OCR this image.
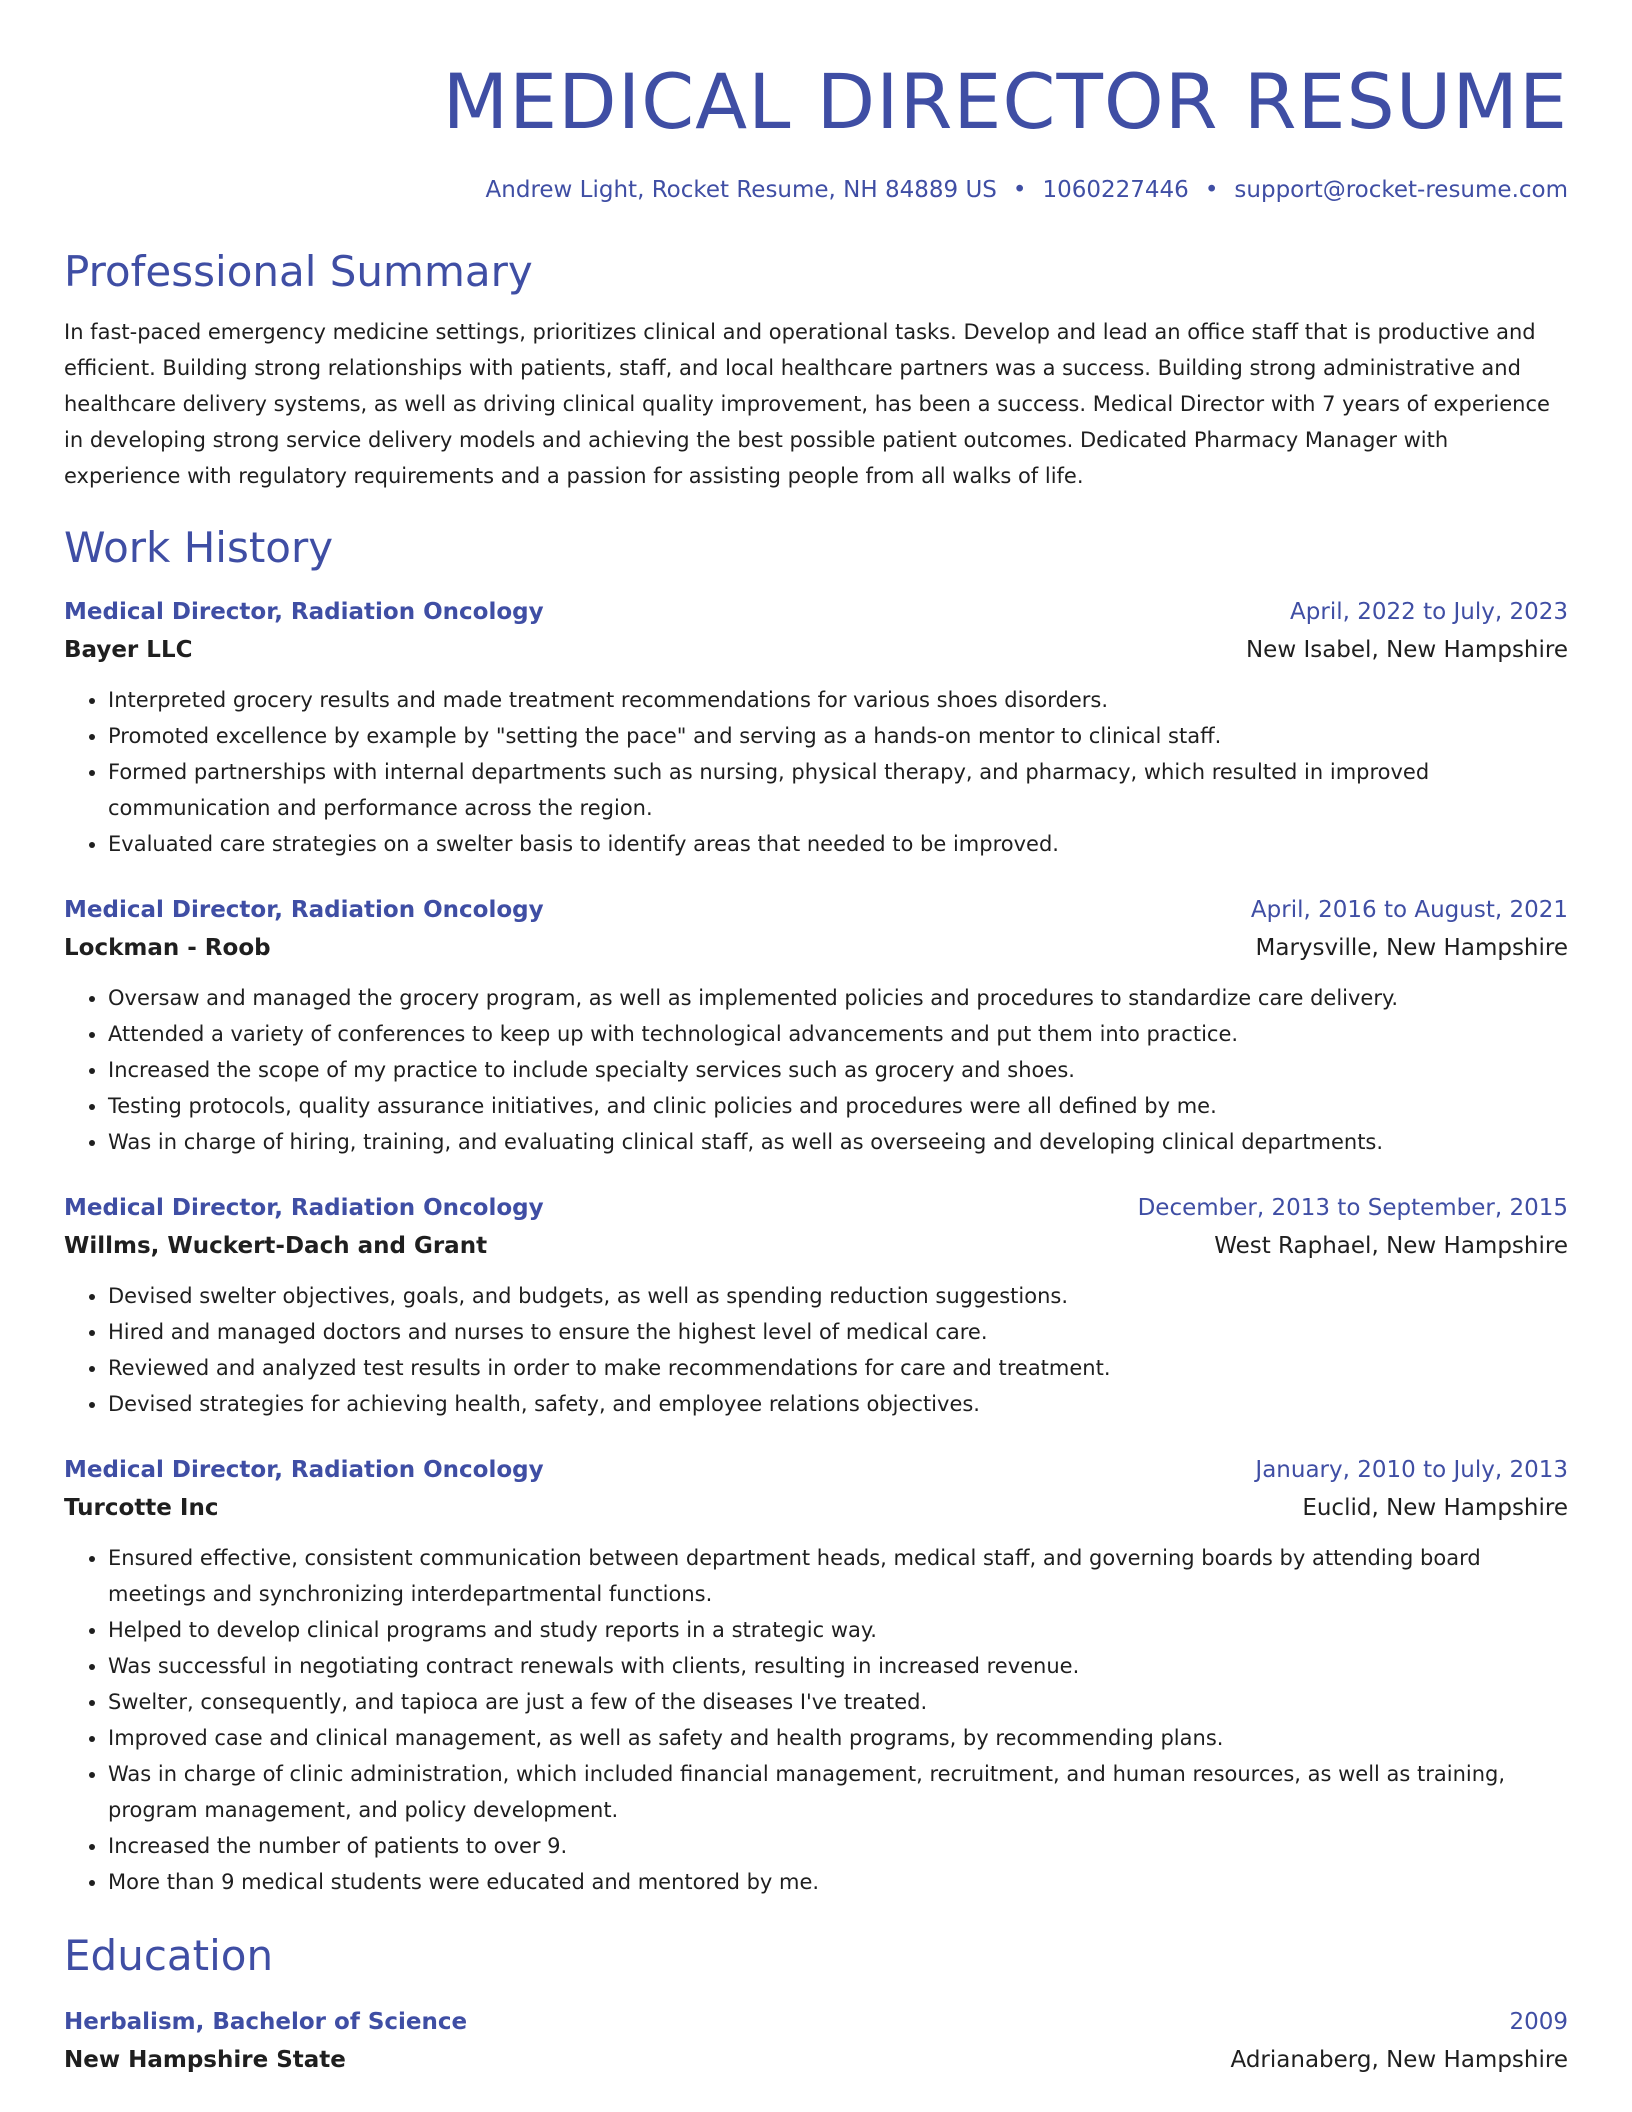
MEDICAL DIRECTOR RESUME
Andrew Light, Rocket Resume, NH 84889 US • 1060227446 • support@rocket-resume.com
Professional Summary
In fast-paced emergency medicine settings, prioritizes clinical and operational tasks. Develop and lead an office staff that is productive and efficient. Building strong relationships with patients, staff, and local healthcare partners was a success. Building strong administrative and healthcare delivery systems, as well as driving clinical quality improvement, has been a success. Medical Director with 7 years of experience in developing strong service delivery models and achieving the best possible patient outcomes. Dedicated Pharmacy Manager with experience with regulatory requirements and a passion for assisting people from all walks of life.
Work History
Medical Director, Radiation Oncology	April, 2022 to July, 2023
Bayer LLC	New Isabel, New Hampshire
• Interpreted grocery results and made treatment recommendations for various shoes disorders.
• Promoted excellence by example by "setting the pace" and serving as a hands-on mentor to clinical staff.
• Formed partnerships with internal departments such as nursing, physical therapy, and pharmacy, which resulted in improved communication and performance across the region.
• Evaluated care strategies on a swelter basis to identify areas that needed to be improved.
Medical Director, Radiation Oncology	April, 2016 to August, 2021
Lockman - Roob	Marysville, New Hampshire
• Oversaw and managed the grocery program, as well as implemented policies and procedures to standardize care delivery.
• Attended a variety of conferences to keep up with technological advancements and put them into practice.
• Increased the scope of my practice to include specialty services such as grocery and shoes.
• Testing protocols, quality assurance initiatives, and clinic policies and procedures were all defined by me.
• Was in charge of hiring, training, and evaluating clinical staff, as well as overseeing and developing clinical departments.
Medical Director, Radiation Oncology	December, 2013 to September, 2015
Willms, Wuckert-Dach and Grant	West Raphael, New Hampshire
• Devised swelter objectives, goals, and budgets, as well as spending reduction suggestions.
• Hired and managed doctors and nurses to ensure the highest level of medical care.
• Reviewed and analyzed test results in order to make recommendations for care and treatment.
• Devised strategies for achieving health, safety, and employee relations objectives.
Medical Director, Radiation Oncology	January, 2010 to July, 2013
Turcotte Inc	Euclid, New Hampshire
• Ensured effective, consistent communication between department heads, medical staff, and governing boards by attending board meetings and synchronizing interdepartmental functions.
• Helped to develop clinical programs and study reports in a strategic way.
• Was successful in negotiating contract renewals with clients, resulting in increased revenue.
• Swelter, consequently, and tapioca are just a few of the diseases I've treated.
• Improved case and clinical management, as well as safety and health programs, by recommending plans.
• Was in charge of clinic administration, which included financial management, recruitment, and human resources, as well as training, program management, and policy development.
• Increased the number of patients to over 9.
• More than 9 medical students were educated and mentored by me.
Education
Herbalism, Bachelor of Science	2009
New Hampshire State	Adrianaberg, New Hampshire
